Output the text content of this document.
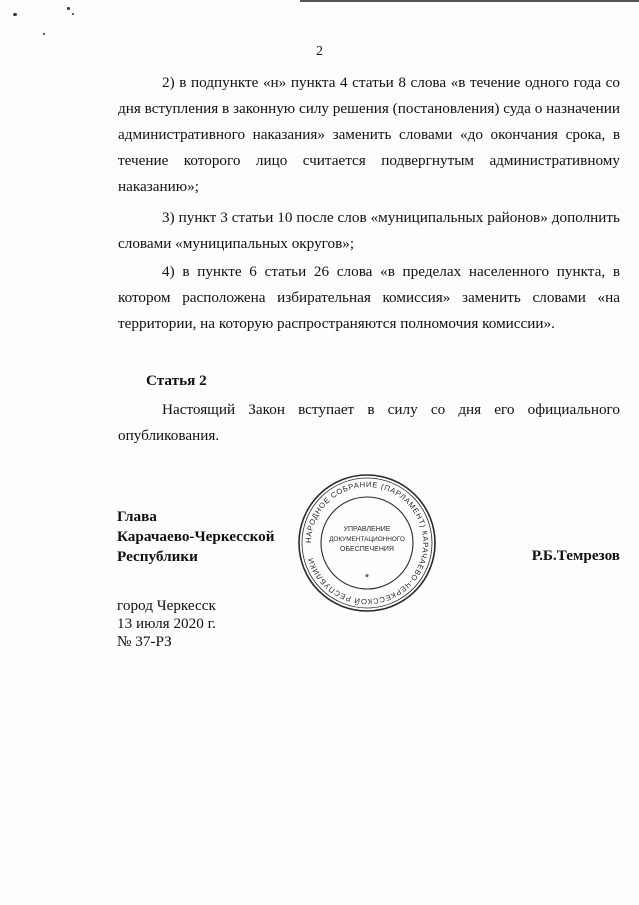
2

2) в подпункте «н» пункта 4 статьи 8 слова «в течение одного года со дня вступления в законную силу решения (постановления) суда о назначении административного наказания» заменить словами «до окончания срока, в течение которого лицо считается подвергнутым административному наказанию»;

3) пункт 3 статьи 10 после слов «муниципальных районов» дополнить словами «муниципальных округов»;

4) в пункте 6 статьи 26 слова «в пределах населенного пункта, в котором расположена избирательная комиссия» заменить словами «на территории, на которую распространяются полномочия комиссии».

Статья 2

Настоящий Закон вступает в силу со дня его официального опубликования.

Глава
Карачаево-Черкесской
Республики
НАРОДНОЕ СОБРАНИЕ (ПАРЛАМЕНТ) КАРАЧАЕВО-ЧЕРКЕССКОЙ РЕСПУБЛИКИ
УПРАВЛЕНИЕ
ДОКУМЕНТАЦИОННОГО
ОБЕСПЕЧЕНИЯ
*
Р.Б.Темрезов
город Черкесск
13 июля 2020 г.
№ 37-РЗ
